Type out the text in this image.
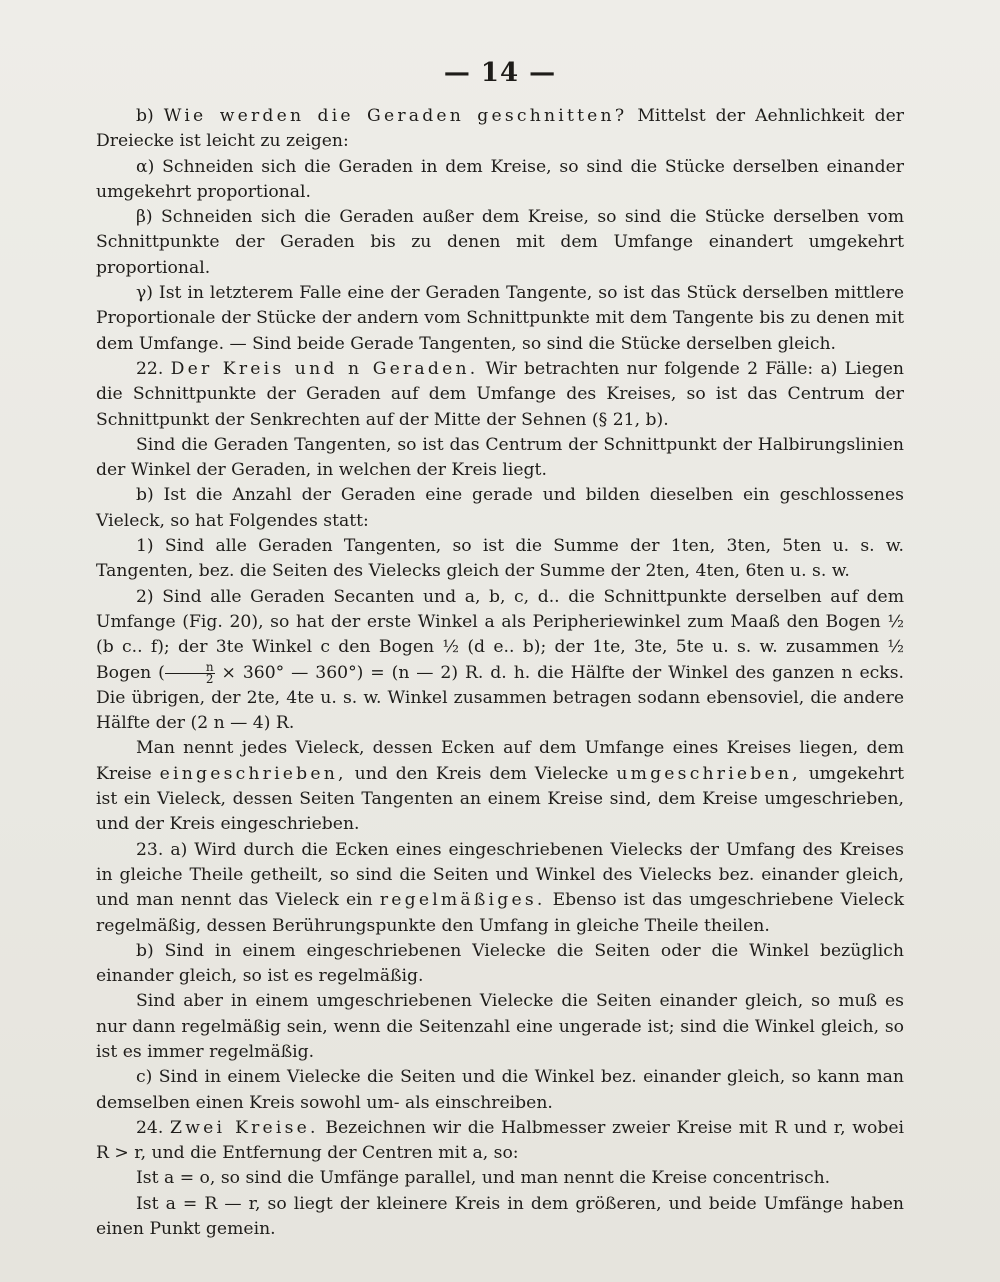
— 14 —

b) Wie werden die Geraden geschnitten? Mittelst der Aehnlichkeit der Dreiecke ist leicht zu zeigen:

α) Schneiden sich die Geraden in dem Kreise, so sind die Stücke derselben einander umgekehrt proportional.

β) Schneiden sich die Geraden außer dem Kreise, so sind die Stücke derselben vom Schnittpunkte der Geraden bis zu denen mit dem Umfange einandert umgekehrt proportional.

γ) Ist in letzterem Falle eine der Geraden Tangente, so ist das Stück derselben mittlere Proportionale der Stücke der andern vom Schnittpunkte mit dem Tangente bis zu denen mit dem Umfange. — Sind beide Gerade Tangenten, so sind die Stücke derselben gleich.

22. Der Kreis und n Geraden. Wir betrachten nur folgende 2 Fälle: a) Liegen die Schnittpunkte der Geraden auf dem Umfange des Kreises, so ist das Centrum der Schnittpunkt der Senkrechten auf der Mitte der Sehnen (§ 21, b).

Sind die Geraden Tangenten, so ist das Centrum der Schnittpunkt der Halbirungslinien der Winkel der Geraden, in welchen der Kreis liegt.

b) Ist die Anzahl der Geraden eine gerade und bilden dieselben ein geschlossenes Vieleck, so hat Folgendes statt:

1) Sind alle Geraden Tangenten, so ist die Summe der 1ten, 3ten, 5ten u. s. w. Tangenten, bez. die Seiten des Vielecks gleich der Summe der 2ten, 4ten, 6ten u. s. w.

2) Sind alle Geraden Secanten und a, b, c, d.. die Schnittpunkte derselben auf dem Umfange (Fig. 20), so hat der erste Winkel a als Peripheriewinkel zum Maaß den Bogen ½ (b c.. f); der 3te Winkel c den Bogen ½ (d e.. b); der 1te, 3te, 5te u. s. w. zusammen ½ Bogen ( $\frac{n}{2} \times 360^\circ$ — 360°) = (n — 2) R. d. h. die Hälfte der Winkel des ganzen n ecks. Die übrigen, der 2te, 4te u. s. w. Winkel zusammen betragen sodann ebensoviel, die andere Hälfte der (2 n — 4) R.

Man nennt jedes Vieleck, dessen Ecken auf dem Umfange eines Kreises liegen, dem Kreise eingeschrieben, und den Kreis dem Vielecke umgeschrieben, umgekehrt ist ein Vieleck, dessen Seiten Tangenten an einem Kreise sind, dem Kreise umgeschrieben, und der Kreis eingeschrieben.

23. a) Wird durch die Ecken eines eingeschriebenen Vielecks der Umfang des Kreises in gleiche Theile getheilt, so sind die Seiten und Winkel des Vielecks bez. einander gleich, und man nennt das Vieleck ein regelmäßiges. Ebenso ist das umgeschriebene Vieleck regelmäßig, dessen Berührungspunkte den Umfang in gleiche Theile theilen.

b) Sind in einem eingeschriebenen Vielecke die Seiten oder die Winkel bezüglich einander gleich, so ist es regelmäßig.

Sind aber in einem umgeschriebenen Vielecke die Seiten einander gleich, so muß es nur dann regelmäßig sein, wenn die Seitenzahl eine ungerade ist; sind die Winkel gleich, so ist es immer regelmäßig.

c) Sind in einem Vielecke die Seiten und die Winkel bez. einander gleich, so kann man demselben einen Kreis sowohl um- als einschreiben.

24. Zwei Kreise. Bezeichnen wir die Halbmesser zweier Kreise mit R und r, wobei R > r, und die Entfernung der Centren mit a, so:

Ist a = o, so sind die Umfänge parallel, und man nennt die Kreise concentrisch.

Ist a = R — r, so liegt der kleinere Kreis in dem größeren, und beide Umfänge haben einen Punkt gemein.
